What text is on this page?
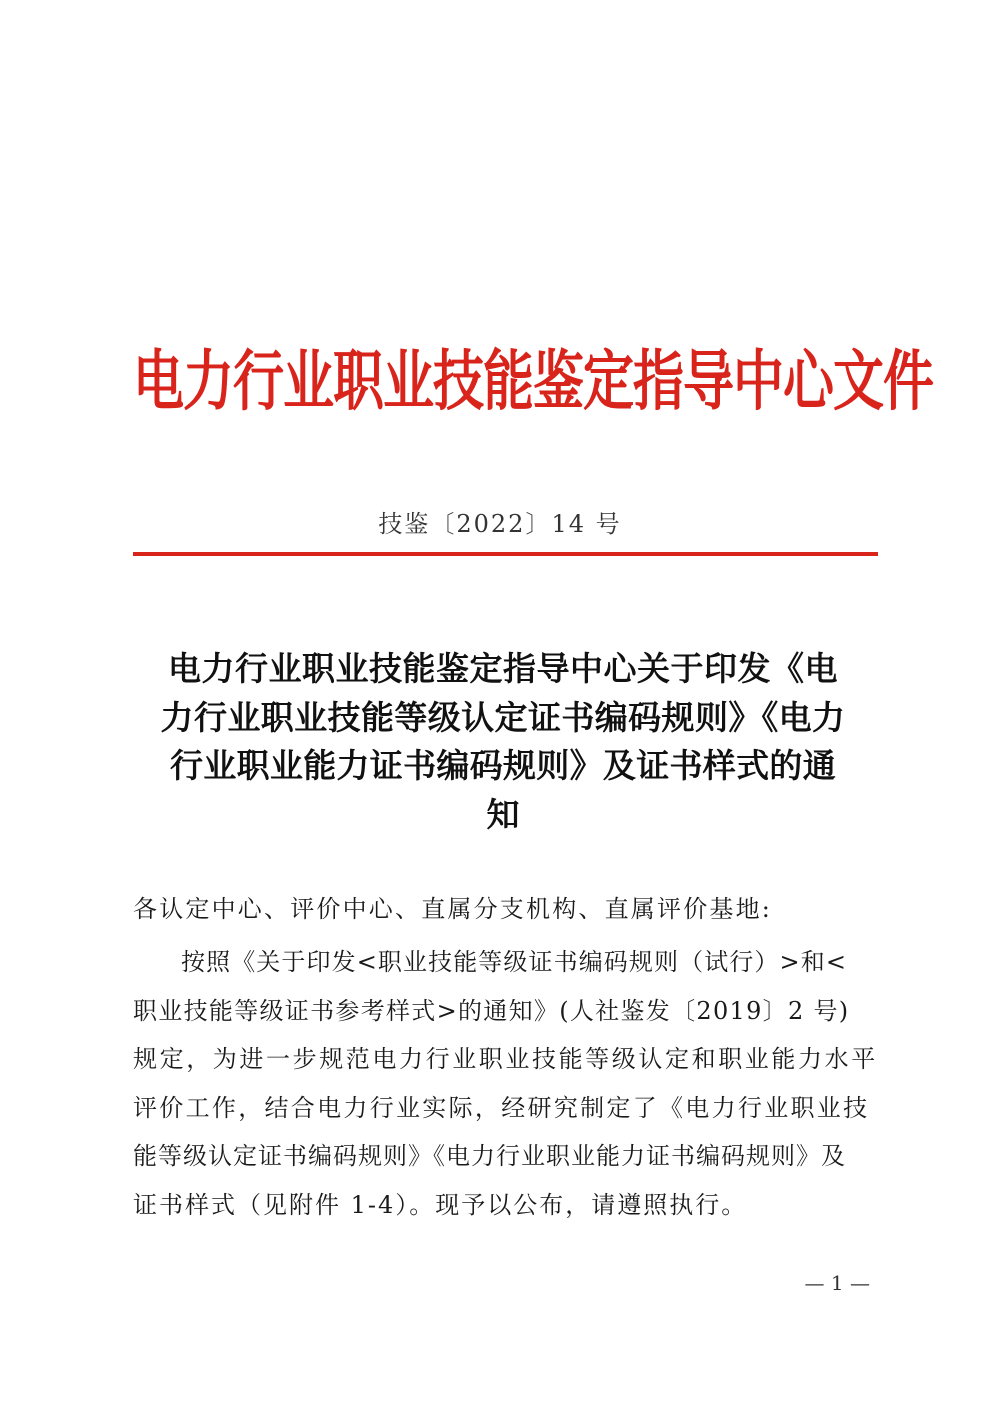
电力行业职业技能鉴定指导中心文件
技鉴〔2022〕14 号
电力行业职业技能鉴定指导中心关于印发《电
力行业职业技能等级认定证书编码规则》《电力
行业职业能力证书编码规则》及证书样式的通
知
各认定中心、评价中心、直属分支机构、直属评价基地:
按照《关于印发<职业技能等级证书编码规则（试行）>和<
职业技能等级证书参考样式>的通知》(人社鉴发〔2019〕2 号)
规定，为进一步规范电力行业职业技能等级认定和职业能力水平
评价工作，结合电力行业实际，经研究制定了《电力行业职业技
能等级认定证书编码规则》《电力行业职业能力证书编码规则》及
证书样式（见附件 1-4）。现予以公布，请遵照执行。
— 1 —
